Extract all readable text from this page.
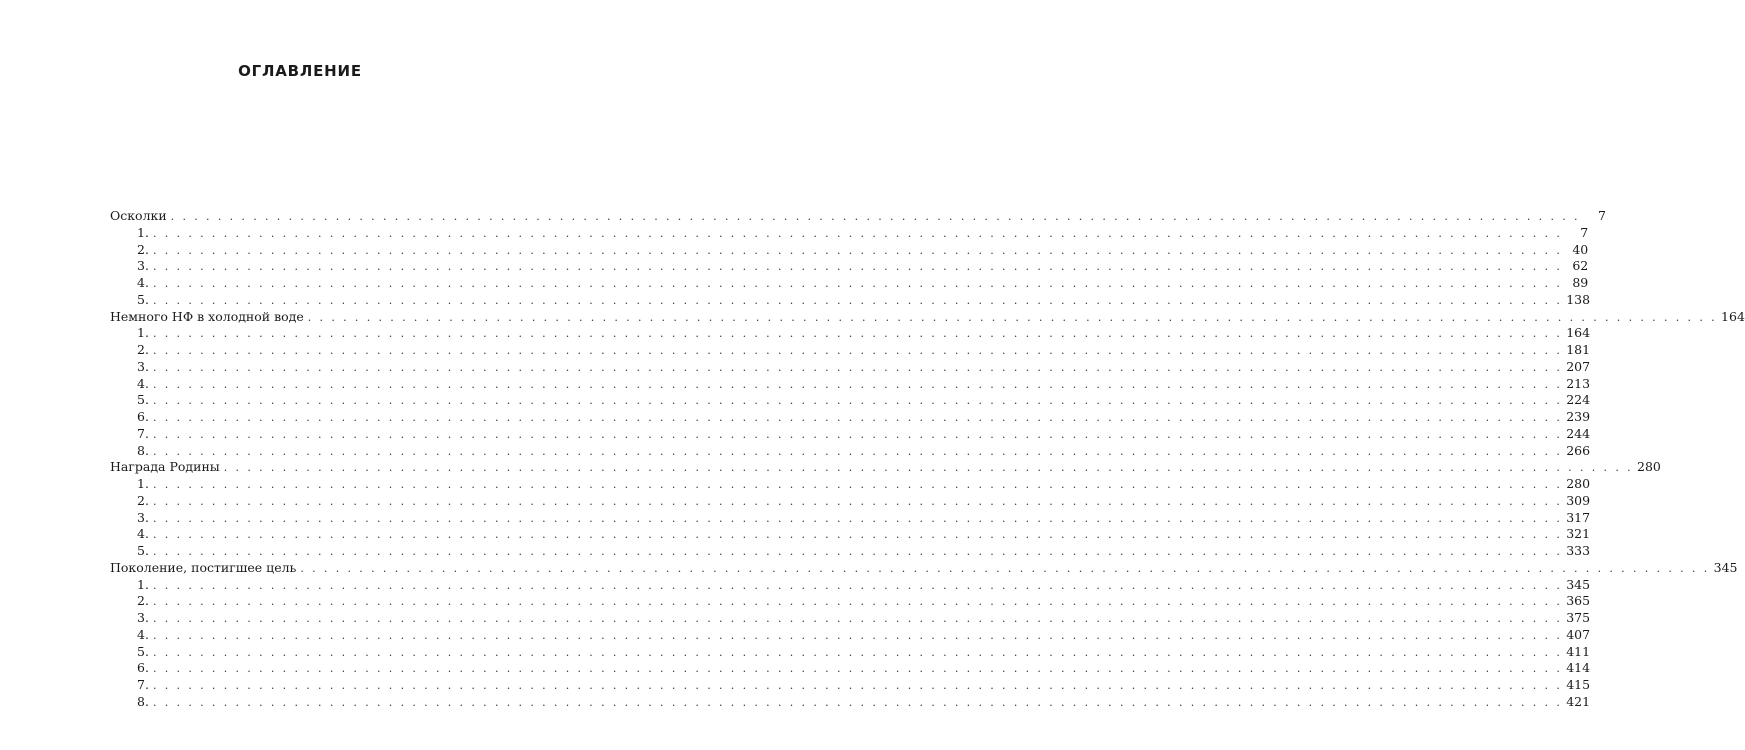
ОГЛАВЛЕНИЕ
Осколки . . . . . . . . . . . . . . . . . . . . . . . . . . . . . . . . . . . . . . . . . . . . . . . . . . . . . . . . . . . . . . . . . . . . . . . . . . . . . . . . . . . . . . . . . . . . . . . . . . . . . . . . . . . . . . . . . . . . . . . .	7
1. . . . . . . . . . . . . . . . . . . . . . . . . . . . . . . . . . . . . . . . . . . . . . . . . . . . . . . . . . . . . . . . . . . . . . . . . . . . . . . . . . . . . . . . . . . . . . . . . . . . . . . . . . . . . . . . . . . . . . . . .	7
2. . . . . . . . . . . . . . . . . . . . . . . . . . . . . . . . . . . . . . . . . . . . . . . . . . . . . . . . . . . . . . . . . . . . . . . . . . . . . . . . . . . . . . . . . . . . . . . . . . . . . . . . . . . . . . . . . . . . . . . . . 40
3. . . . . . . . . . . . . . . . . . . . . . . . . . . . . . . . . . . . . . . . . . . . . . . . . . . . . . . . . . . . . . . . . . . . . . . . . . . . . . . . . . . . . . . . . . . . . . . . . . . . . . . . . . . . . . . . . . . . . . . . . 62
4. . . . . . . . . . . . . . . . . . . . . . . . . . . . . . . . . . . . . . . . . . . . . . . . . . . . . . . . . . . . . . . . . . . . . . . . . . . . . . . . . . . . . . . . . . . . . . . . . . . . . . . . . . . . . . . . . . . . . . . . . 89
5. . . . . . . . . . . . . . . . . . . . . . . . . . . . . . . . . . . . . . . . . . . . . . . . . . . . . . . . . . . . . . . . . . . . . . . . . . . . . . . . . . . . . . . . . . . . . . . . . . . . . . . . . . . . . . . . . . . . . . . . . 138
Немного НФ в холодной воде . . . . . . . . . . . . . . . . . . . . . . . . . . . . . . . . . . . . . . . . . . . . . . . . . . . . . . . . . . . . . . . . . . . . . . . . . . . . . . . . . . . . . . . . . . . . . . . . . . . . . . . . . . . . . . . . . . . . . . . . 164
1. . . . . . . . . . . . . . . . . . . . . . . . . . . . . . . . . . . . . . . . . . . . . . . . . . . . . . . . . . . . . . . . . . . . . . . . . . . . . . . . . . . . . . . . . . . . . . . . . . . . . . . . . . . . . . . . . . . . . . . . . 164
2. . . . . . . . . . . . . . . . . . . . . . . . . . . . . . . . . . . . . . . . . . . . . . . . . . . . . . . . . . . . . . . . . . . . . . . . . . . . . . . . . . . . . . . . . . . . . . . . . . . . . . . . . . . . . . . . . . . . . . . . . 181
3. . . . . . . . . . . . . . . . . . . . . . . . . . . . . . . . . . . . . . . . . . . . . . . . . . . . . . . . . . . . . . . . . . . . . . . . . . . . . . . . . . . . . . . . . . . . . . . . . . . . . . . . . . . . . . . . . . . . . . . . . 207
4. . . . . . . . . . . . . . . . . . . . . . . . . . . . . . . . . . . . . . . . . . . . . . . . . . . . . . . . . . . . . . . . . . . . . . . . . . . . . . . . . . . . . . . . . . . . . . . . . . . . . . . . . . . . . . . . . . . . . . . . . 213
5. . . . . . . . . . . . . . . . . . . . . . . . . . . . . . . . . . . . . . . . . . . . . . . . . . . . . . . . . . . . . . . . . . . . . . . . . . . . . . . . . . . . . . . . . . . . . . . . . . . . . . . . . . . . . . . . . . . . . . . . . 224
6. . . . . . . . . . . . . . . . . . . . . . . . . . . . . . . . . . . . . . . . . . . . . . . . . . . . . . . . . . . . . . . . . . . . . . . . . . . . . . . . . . . . . . . . . . . . . . . . . . . . . . . . . . . . . . . . . . . . . . . . . 239
7. . . . . . . . . . . . . . . . . . . . . . . . . . . . . . . . . . . . . . . . . . . . . . . . . . . . . . . . . . . . . . . . . . . . . . . . . . . . . . . . . . . . . . . . . . . . . . . . . . . . . . . . . . . . . . . . . . . . . . . . . 244
8. . . . . . . . . . . . . . . . . . . . . . . . . . . . . . . . . . . . . . . . . . . . . . . . . . . . . . . . . . . . . . . . . . . . . . . . . . . . . . . . . . . . . . . . . . . . . . . . . . . . . . . . . . . . . . . . . . . . . . . . . 266
Награда Родины . . . . . . . . . . . . . . . . . . . . . . . . . . . . . . . . . . . . . . . . . . . . . . . . . . . . . . . . . . . . . . . . . . . . . . . . . . . . . . . . . . . . . . . . . . . . . . . . . . . . . . . . . . . . . . . . . . . . . . . . 280
1. . . . . . . . . . . . . . . . . . . . . . . . . . . . . . . . . . . . . . . . . . . . . . . . . . . . . . . . . . . . . . . . . . . . . . . . . . . . . . . . . . . . . . . . . . . . . . . . . . . . . . . . . . . . . . . . . . . . . . . . . 280
2. . . . . . . . . . . . . . . . . . . . . . . . . . . . . . . . . . . . . . . . . . . . . . . . . . . . . . . . . . . . . . . . . . . . . . . . . . . . . . . . . . . . . . . . . . . . . . . . . . . . . . . . . . . . . . . . . . . . . . . . . 309
3. . . . . . . . . . . . . . . . . . . . . . . . . . . . . . . . . . . . . . . . . . . . . . . . . . . . . . . . . . . . . . . . . . . . . . . . . . . . . . . . . . . . . . . . . . . . . . . . . . . . . . . . . . . . . . . . . . . . . . . . . 317
4. . . . . . . . . . . . . . . . . . . . . . . . . . . . . . . . . . . . . . . . . . . . . . . . . . . . . . . . . . . . . . . . . . . . . . . . . . . . . . . . . . . . . . . . . . . . . . . . . . . . . . . . . . . . . . . . . . . . . . . . . 321
5. . . . . . . . . . . . . . . . . . . . . . . . . . . . . . . . . . . . . . . . . . . . . . . . . . . . . . . . . . . . . . . . . . . . . . . . . . . . . . . . . . . . . . . . . . . . . . . . . . . . . . . . . . . . . . . . . . . . . . . . . 333
Поколение, постигшее цель . . . . . . . . . . . . . . . . . . . . . . . . . . . . . . . . . . . . . . . . . . . . . . . . . . . . . . . . . . . . . . . . . . . . . . . . . . . . . . . . . . . . . . . . . . . . . . . . . . . . . . . . . . . . . . . . . . . . . . . . 345
1. . . . . . . . . . . . . . . . . . . . . . . . . . . . . . . . . . . . . . . . . . . . . . . . . . . . . . . . . . . . . . . . . . . . . . . . . . . . . . . . . . . . . . . . . . . . . . . . . . . . . . . . . . . . . . . . . . . . . . . . . 345
2. . . . . . . . . . . . . . . . . . . . . . . . . . . . . . . . . . . . . . . . . . . . . . . . . . . . . . . . . . . . . . . . . . . . . . . . . . . . . . . . . . . . . . . . . . . . . . . . . . . . . . . . . . . . . . . . . . . . . . . . . 365
3. . . . . . . . . . . . . . . . . . . . . . . . . . . . . . . . . . . . . . . . . . . . . . . . . . . . . . . . . . . . . . . . . . . . . . . . . . . . . . . . . . . . . . . . . . . . . . . . . . . . . . . . . . . . . . . . . . . . . . . . . 375
4. . . . . . . . . . . . . . . . . . . . . . . . . . . . . . . . . . . . . . . . . . . . . . . . . . . . . . . . . . . . . . . . . . . . . . . . . . . . . . . . . . . . . . . . . . . . . . . . . . . . . . . . . . . . . . . . . . . . . . . . . 407
5. . . . . . . . . . . . . . . . . . . . . . . . . . . . . . . . . . . . . . . . . . . . . . . . . . . . . . . . . . . . . . . . . . . . . . . . . . . . . . . . . . . . . . . . . . . . . . . . . . . . . . . . . . . . . . . . . . . . . . . . . 411
6. . . . . . . . . . . . . . . . . . . . . . . . . . . . . . . . . . . . . . . . . . . . . . . . . . . . . . . . . . . . . . . . . . . . . . . . . . . . . . . . . . . . . . . . . . . . . . . . . . . . . . . . . . . . . . . . . . . . . . . . . 414
7. . . . . . . . . . . . . . . . . . . . . . . . . . . . . . . . . . . . . . . . . . . . . . . . . . . . . . . . . . . . . . . . . . . . . . . . . . . . . . . . . . . . . . . . . . . . . . . . . . . . . . . . . . . . . . . . . . . . . . . . . 415
8. . . . . . . . . . . . . . . . . . . . . . . . . . . . . . . . . . . . . . . . . . . . . . . . . . . . . . . . . . . . . . . . . . . . . . . . . . . . . . . . . . . . . . . . . . . . . . . . . . . . . . . . . . . . . . . . . . . . . . . . . 421
